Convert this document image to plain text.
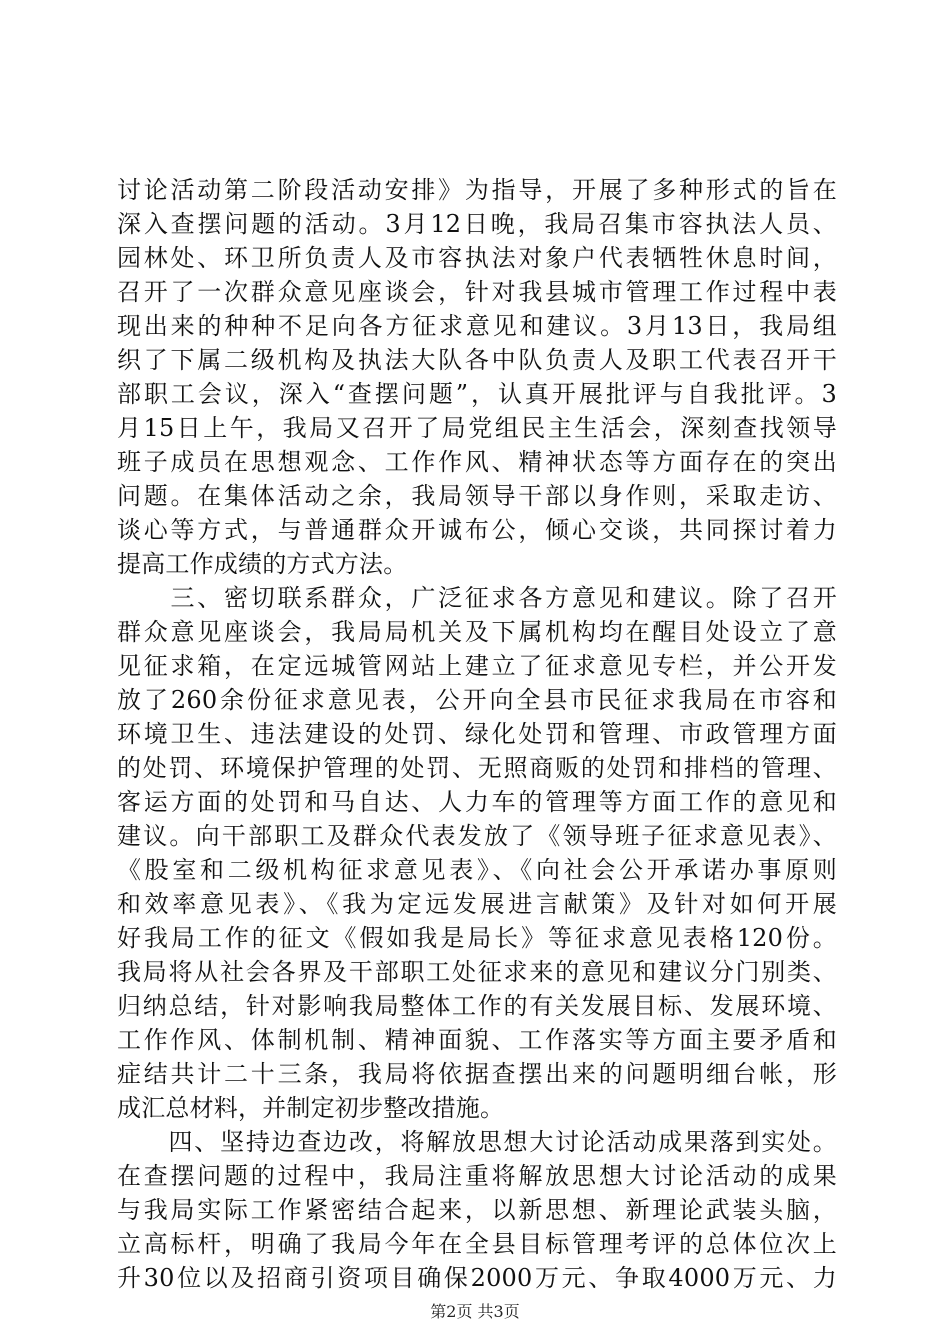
讨论活动第二阶段活动安排》为指导，开展了多种形式的旨在
深入查摆问题的活动。3月12日晚，我局召集市容执法人员、
园林处、环卫所负责人及市容执法对象户代表牺牲休息时间，
召开了一次群众意见座谈会，针对我县城市管理工作过程中表
现出来的种种不足向各方征求意见和建议。3月13日，我局组
织了下属二级机构及执法大队各中队负责人及职工代表召开干
部职工会议，深入“查摆问题”，认真开展批评与自我批评。3
月15日上午，我局又召开了局党组民主生活会，深刻查找领导
班子成员在思想观念、工作作风、精神状态等方面存在的突出
问题。在集体活动之余，我局领导干部以身作则，采取走访、
谈心等方式，与普通群众开诚布公，倾心交谈，共同探讨着力
提高工作成绩的方式方法。
　　三、密切联系群众，广泛征求各方意见和建议。除了召开
群众意见座谈会，我局局机关及下属机构均在醒目处设立了意
见征求箱，在定远城管网站上建立了征求意见专栏，并公开发
放了260余份征求意见表，公开向全县市民征求我局在市容和
环境卫生、违法建设的处罚、绿化处罚和管理、市政管理方面
的处罚、环境保护管理的处罚、无照商贩的处罚和排档的管理、
客运方面的处罚和马自达、人力车的管理等方面工作的意见和
建议。向干部职工及群众代表发放了《领导班子征求意见表》、
《股室和二级机构征求意见表》、《向社会公开承诺办事原则
和效率意见表》、《我为定远发展进言献策》及针对如何开展
好我局工作的征文《假如我是局长》等征求意见表格120份。
我局将从社会各界及干部职工处征求来的意见和建议分门别类、
归纳总结，针对影响我局整体工作的有关发展目标、发展环境、
工作作风、体制机制、精神面貌、工作落实等方面主要矛盾和
症结共计二十三条，我局将依据查摆出来的问题明细台帐，形
成汇总材料，并制定初步整改措施。
　　四、坚持边查边改，将解放思想大讨论活动成果落到实处。
在查摆问题的过程中，我局注重将解放思想大讨论活动的成果
与我局实际工作紧密结合起来，以新思想、新理论武装头脑，
立高标杆，明确了我局今年在全县目标管理考评的总体位次上
升30位以及招商引资项目确保2000万元、争取4000万元、力
第2页 共3页
